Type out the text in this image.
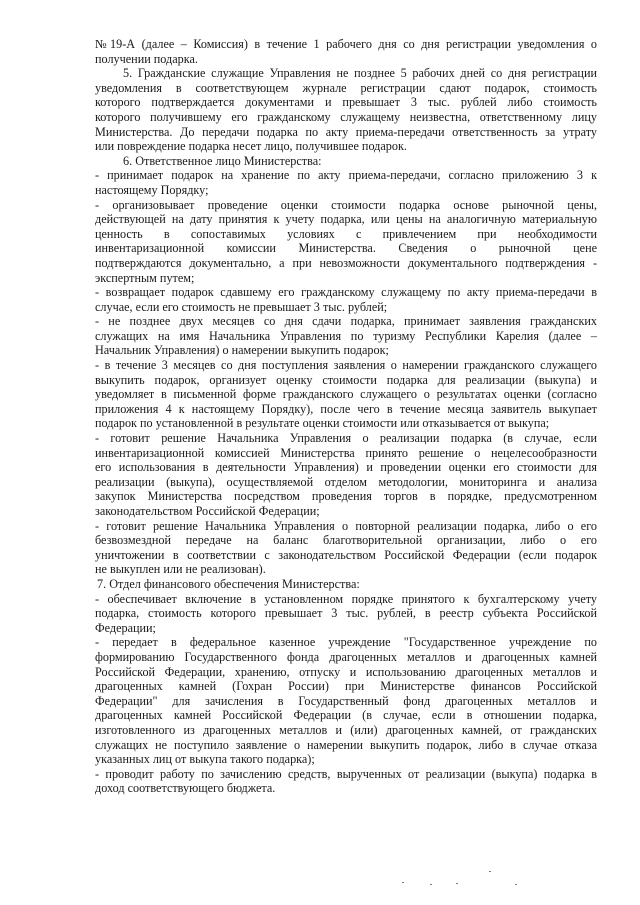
№19-А (далее – Комиссия) в течение 1 рабочего дня со дня регистрации уведомления о
получении подарка.
5. Гражданские служащие Управления не позднее 5 рабочих дней со дня регистрации
уведомления в соответствующем журнале регистрации сдают подарок, стоимость
которого подтверждается документами и превышает 3 тыс. рублей либо стоимость
которого получившему его гражданскому служащему неизвестна, ответственному лицу
Министерства. До передачи подарка по акту приема-передачи ответственность за утрату
или повреждение подарка несет лицо, получившее подарок.
6. Ответственное лицо Министерства:
- принимает подарок на хранение по акту приема-передачи, согласно приложению 3 к
настоящему Порядку;
- организовывает проведение оценки стоимости подарка основе рыночной цены,
действующей на дату принятия к учету подарка, или цены на аналогичную материальную
ценность в сопоставимых условиях с привлечением при необходимости
инвентаризационной комиссии Министерства. Сведения о рыночной цене
подтверждаются документально, а при невозможности документального подтверждения -
экспертным путем;
- возвращает подарок сдавшему его гражданскому служащему по акту приема-передачи в
случае, если его стоимость не превышает 3 тыс. рублей;
- не позднее двух месяцев со дня сдачи подарка, принимает заявления гражданских
служащих на имя Начальника Управления по туризму Республики Карелия (далее –
Начальник Управления) о намерении выкупить подарок;
- в течение 3 месяцев со дня поступления заявления о намерении гражданского служащего
выкупить подарок, организует оценку стоимости подарка для реализации (выкупа) и
уведомляет в письменной форме гражданского служащего о результатах оценки (согласно
приложения 4 к настоящему Порядку), после чего в течение месяца заявитель выкупает
подарок по установленной в результате оценки стоимости или отказывается от выкупа;
- готовит решение Начальника Управления о реализации подарка (в случае, если
инвентаризационной комиссией Министерства принято решение о нецелесообразности
его использования в деятельности Управления) и проведении оценки его стоимости для
реализации (выкупа), осуществляемой отделом методологии, мониторинга и анализа
закупок Министерства посредством проведения торгов в порядке, предусмотренном
законодательством Российской Федерации;
- готовит решение Начальника Управления о повторной реализации подарка, либо о его
безвозмездной передаче на баланс благотворительной организации, либо о его
уничтожении в соответствии с законодательством Российской Федерации (если подарок
не выкуплен или не реализован).
7. Отдел финансового обеспечения Министерства:
- обеспечивает включение в установленном порядке принятого к бухгалтерскому учету
подарка, стоимость которого превышает 3 тыс. рублей, в реестр субъекта Российской
Федерации;
- передает в федеральное казенное учреждение "Государственное учреждение по
формированию Государственного фонда драгоценных металлов и драгоценных камней
Российской Федерации, хранению, отпуску и использованию драгоценных металлов и
драгоценных камней (Гохран России) при Министерстве финансов Российской
Федерации" для зачисления в Государственный фонд драгоценных металлов и
драгоценных камней Российской Федерации (в случае, если в отношении подарка,
изготовленного из драгоценных металлов и (или) драгоценных камней, от гражданских
служащих не поступило заявление о намерении выкупить подарок, либо в случае отказа
указанных лиц от выкупа такого подарка);
- проводит работу по зачислению средств, вырученных от реализации (выкупа) подарка в
доход соответствующего бюджета.
